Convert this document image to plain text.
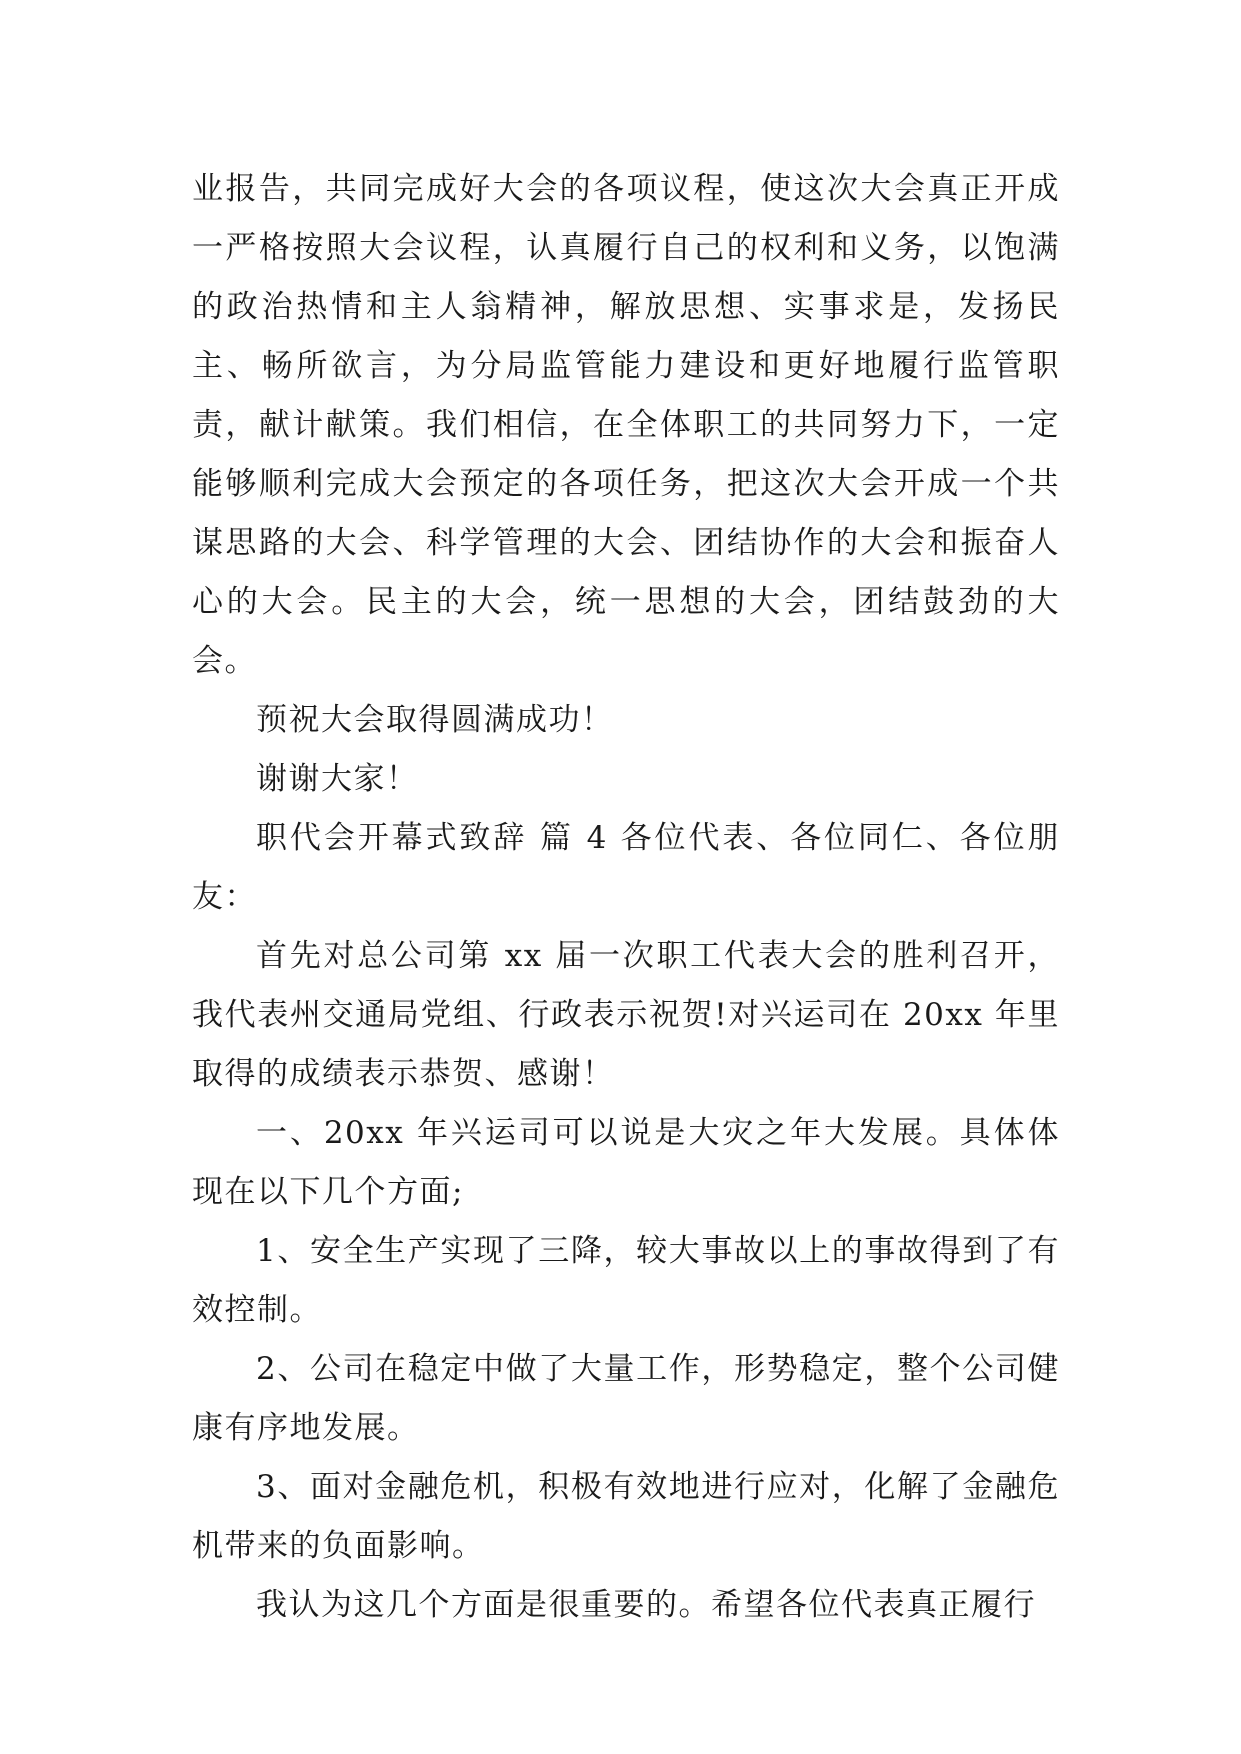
业报告，共同完成好大会的各项议程，使这次大会真正开成一严格按照大会议程，认真履行自己的权利和义务，以饱满的政治热情和主人翁精神，解放思想、实事求是，发扬民主、畅所欲言，为分局监管能力建设和更好地履行监管职责，献计献策。我们相信，在全体职工的共同努力下，一定能够顺利完成大会预定的各项任务，把这次大会开成一个共谋思路的大会、科学管理的大会、团结协作的大会和振奋人心的大会。民主的大会，统一思想的大会，团结鼓劲的大会。

预祝大会取得圆满成功！

谢谢大家！

职代会开幕式致辞 篇 4 各位代表、各位同仁、各位朋友：

首先对总公司第 xx 届一次职工代表大会的胜利召开，我代表州交通局党组、行政表示祝贺!对兴运司在 20xx 年里取得的成绩表示恭贺、感谢！

一、20xx 年兴运司可以说是大灾之年大发展。具体体现在以下几个方面;

1、安全生产实现了三降，较大事故以上的事故得到了有效控制。

2、公司在稳定中做了大量工作，形势稳定，整个公司健康有序地发展。

3、面对金融危机，积极有效地进行应对，化解了金融危机带来的负面影响。

我认为这几个方面是很重要的。希望各位代表真正履行
